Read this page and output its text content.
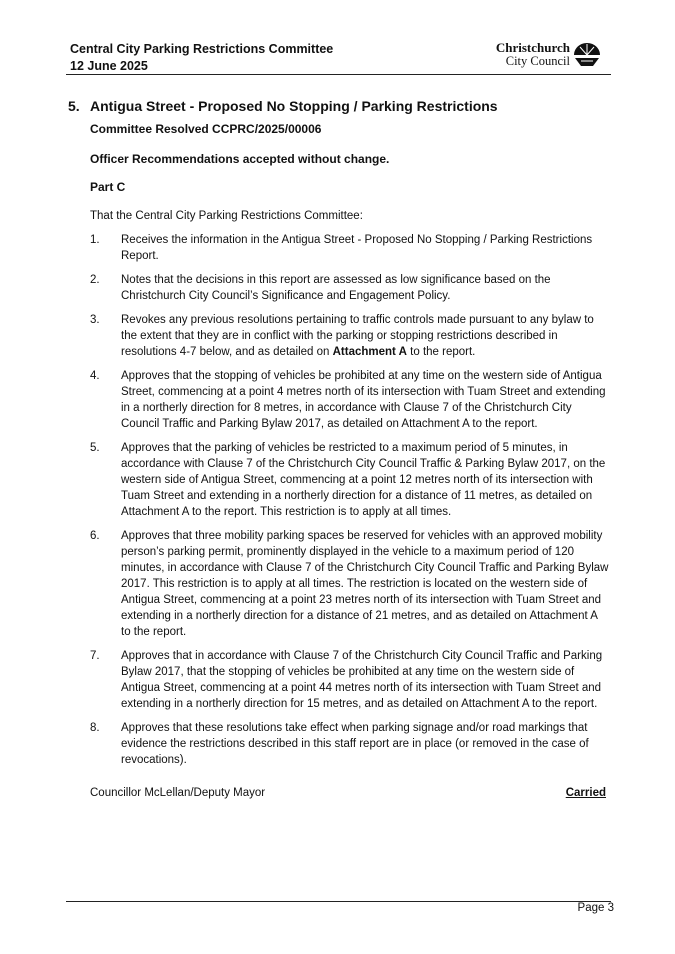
Central City Parking Restrictions Committee
12 June 2025
Christchurch
City Council
5. Antigua Street - Proposed No Stopping / Parking Restrictions
Committee Resolved CCPRC/2025/00006
Officer Recommendations accepted without change.
Part C
That the Central City Parking Restrictions Committee:
1. Receives the information in the Antigua Street - Proposed No Stopping / Parking Restrictions Report.
2. Notes that the decisions in this report are assessed as low significance based on the Christchurch City Council’s Significance and Engagement Policy.
3. Revokes any previous resolutions pertaining to traffic controls made pursuant to any bylaw to the extent that they are in conflict with the parking or stopping restrictions described in resolutions 4-7 below, and as detailed on Attachment A to the report.
4. Approves that the stopping of vehicles be prohibited at any time on the western side of Antigua Street, commencing at a point 4 metres north of its intersection with Tuam Street and extending in a northerly direction for 8 metres, in accordance with Clause 7 of the Christchurch City Council Traffic and Parking Bylaw 2017, as detailed on Attachment A to the report.
5. Approves that the parking of vehicles be restricted to a maximum period of 5 minutes, in accordance with Clause 7 of the Christchurch City Council Traffic & Parking Bylaw 2017, on the western side of Antigua Street, commencing at a point 12 metres north of its intersection with Tuam Street and extending in a northerly direction for a distance of 11 metres, as detailed on Attachment A to the report. This restriction is to apply at all times.
6. Approves that three mobility parking spaces be reserved for vehicles with an approved mobility person’s parking permit, prominently displayed in the vehicle to a maximum period of 120 minutes, in accordance with Clause 7 of the Christchurch City Council Traffic and Parking Bylaw 2017. This restriction is to apply at all times. The restriction is located on the western side of Antigua Street, commencing at a point 23 metres north of its intersection with Tuam Street and extending in a northerly direction for a distance of 21 metres, and as detailed on Attachment A to the report.
7. Approves that in accordance with Clause 7 of the Christchurch City Council Traffic and Parking Bylaw 2017, that the stopping of vehicles be prohibited at any time on the western side of Antigua Street, commencing at a point 44 metres north of its intersection with Tuam Street and extending in a northerly direction for 15 metres, and as detailed on Attachment A to the report.
8. Approves that these resolutions take effect when parking signage and/or road markings that evidence the restrictions described in this staff report are in place (or removed in the case of revocations).
Councillor McLellan/Deputy Mayor	Carried
Page 3
